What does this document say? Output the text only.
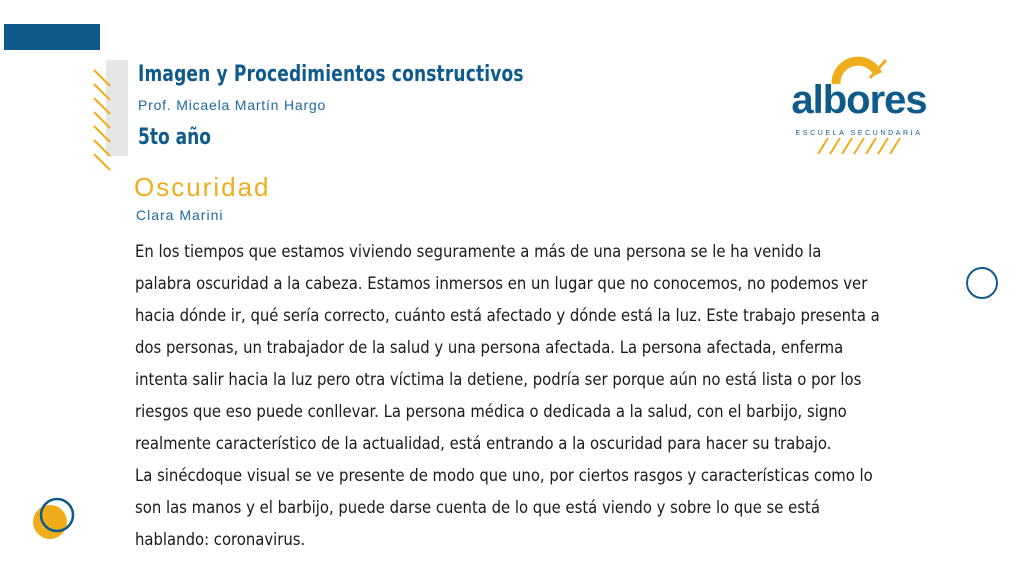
Imagen y Procedimientos constructivos
Prof. Micaela Martín Hargo
5to año
albores
ESCUELA SECUNDARIA
Oscuridad
Clara Marini

En los tiempos que estamos viviendo seguramente a más de una persona se le ha venido la palabra oscuridad a la cabeza. Estamos inmersos en un lugar que no conocemos, no podemos ver hacia dónde ir, qué sería correcto, cuánto está afectado y dónde está la luz. Este trabajo presenta a dos personas, un trabajador de la salud y una persona afectada. La persona afectada, enferma intenta salir hacia la luz pero otra víctima la detiene, podría ser porque aún no está lista o por los riesgos que eso puede conllevar. La persona médica o dedicada a la salud, con el barbijo, signo realmente característico de la actualidad, está entrando a la oscuridad para hacer su trabajo.

La sinécdoque visual se ve presente de modo que uno, por ciertos rasgos y características como lo son las manos y el barbijo, puede darse cuenta de lo que está viendo y sobre lo que se está hablando: coronavirus.
